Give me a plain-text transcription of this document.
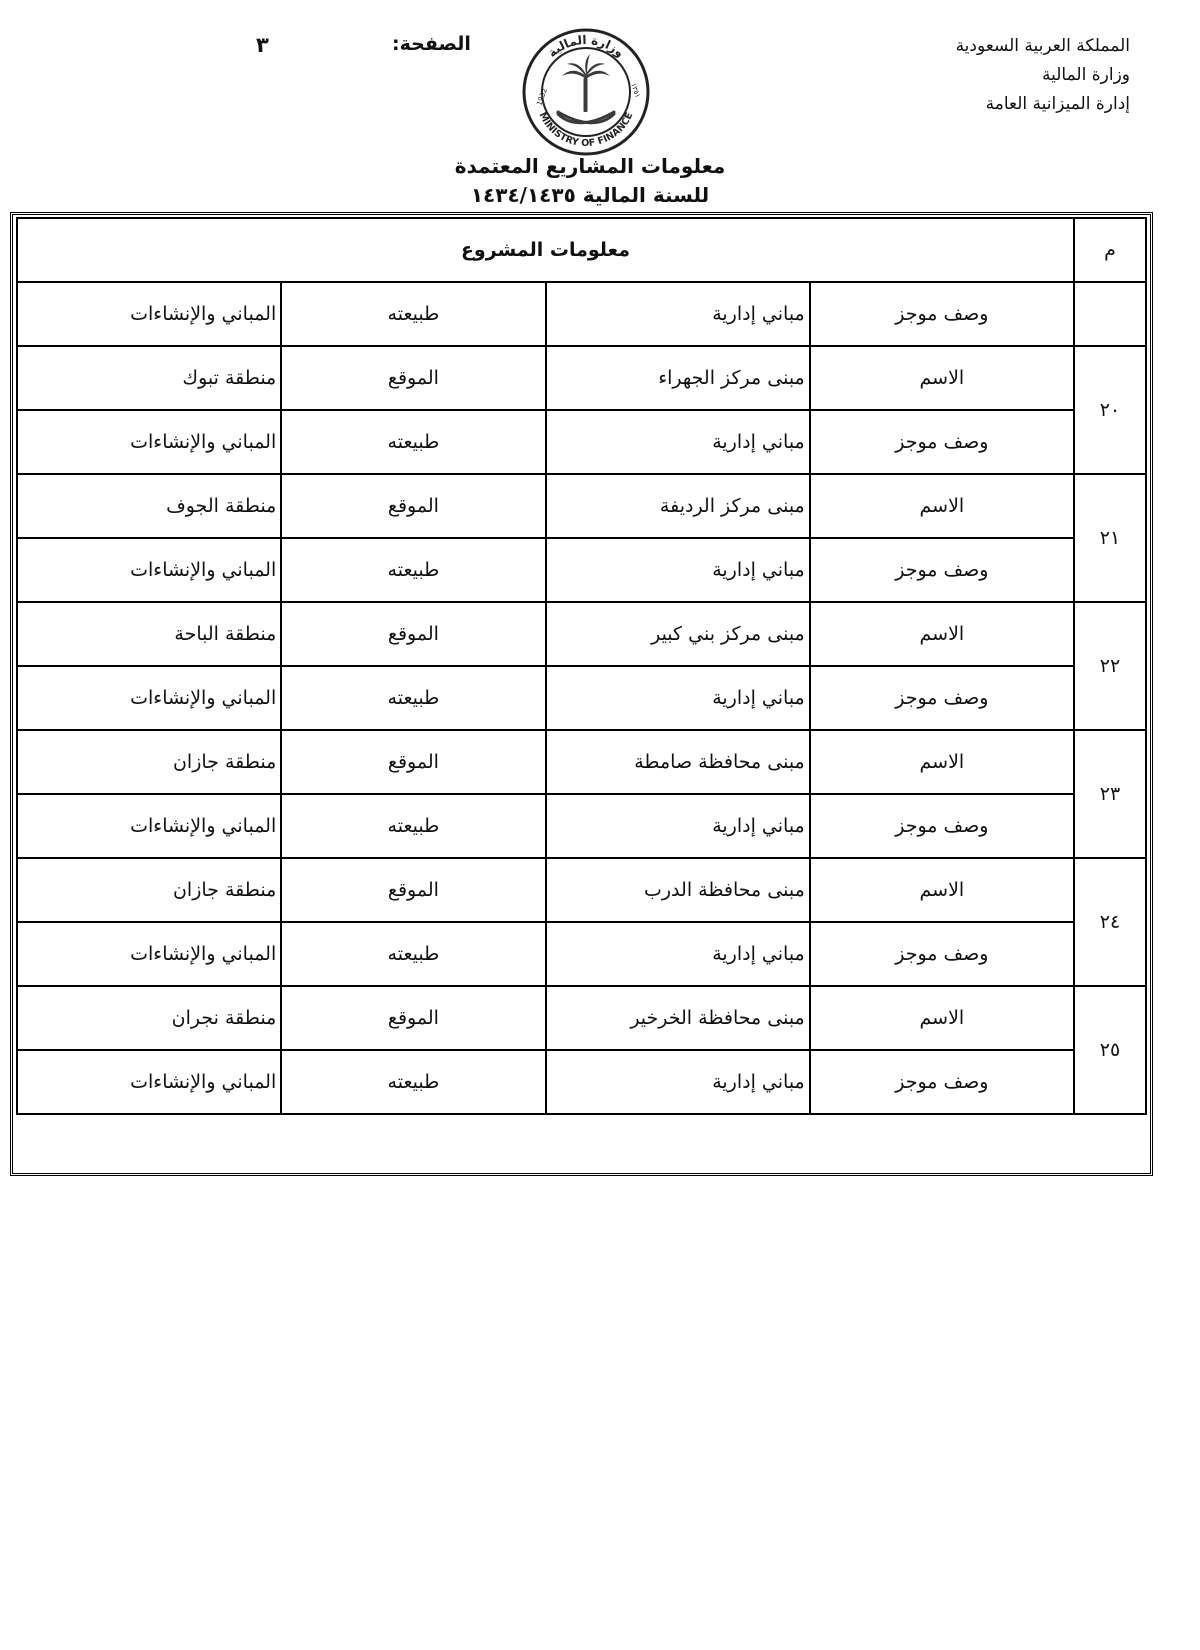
المملكة العربية السعودية
وزارة المالية
إدارة الميزانية العامة
الصفحة:
٣	وزارة المالية
MINISTRY OF FINANCE
1932	١٣٥١
معلومات المشاريع المعتمدة
للسنة المالية ١٤٣٤/١٤٣٥
م	معلومات المشروع			
	وصف موجز	مباني إدارية	طبيعته	المباني والإنشاءات
٢٠	الاسم	مبنى مركز الجهراء	الموقع	منطقة تبوك
	وصف موجز	مباني إدارية	طبيعته	المباني والإنشاءات
٢١	الاسم	مبنى مركز الرديفة	الموقع	منطقة الجوف
	وصف موجز	مباني إدارية	طبيعته	المباني والإنشاءات
٢٢	الاسم	مبنى مركز بني كبير	الموقع	منطقة الباحة
	وصف موجز	مباني إدارية	طبيعته	المباني والإنشاءات
٢٣	الاسم	مبنى محافظة صامطة	الموقع	منطقة جازان
	وصف موجز	مباني إدارية	طبيعته	المباني والإنشاءات
٢٤	الاسم	مبنى محافظة الدرب	الموقع	منطقة جازان
	وصف موجز	مباني إدارية	طبيعته	المباني والإنشاءات
٢٥	الاسم	مبنى محافظة الخرخير	الموقع	منطقة نجران
	وصف موجز	مباني إدارية	طبيعته	المباني والإنشاءات
